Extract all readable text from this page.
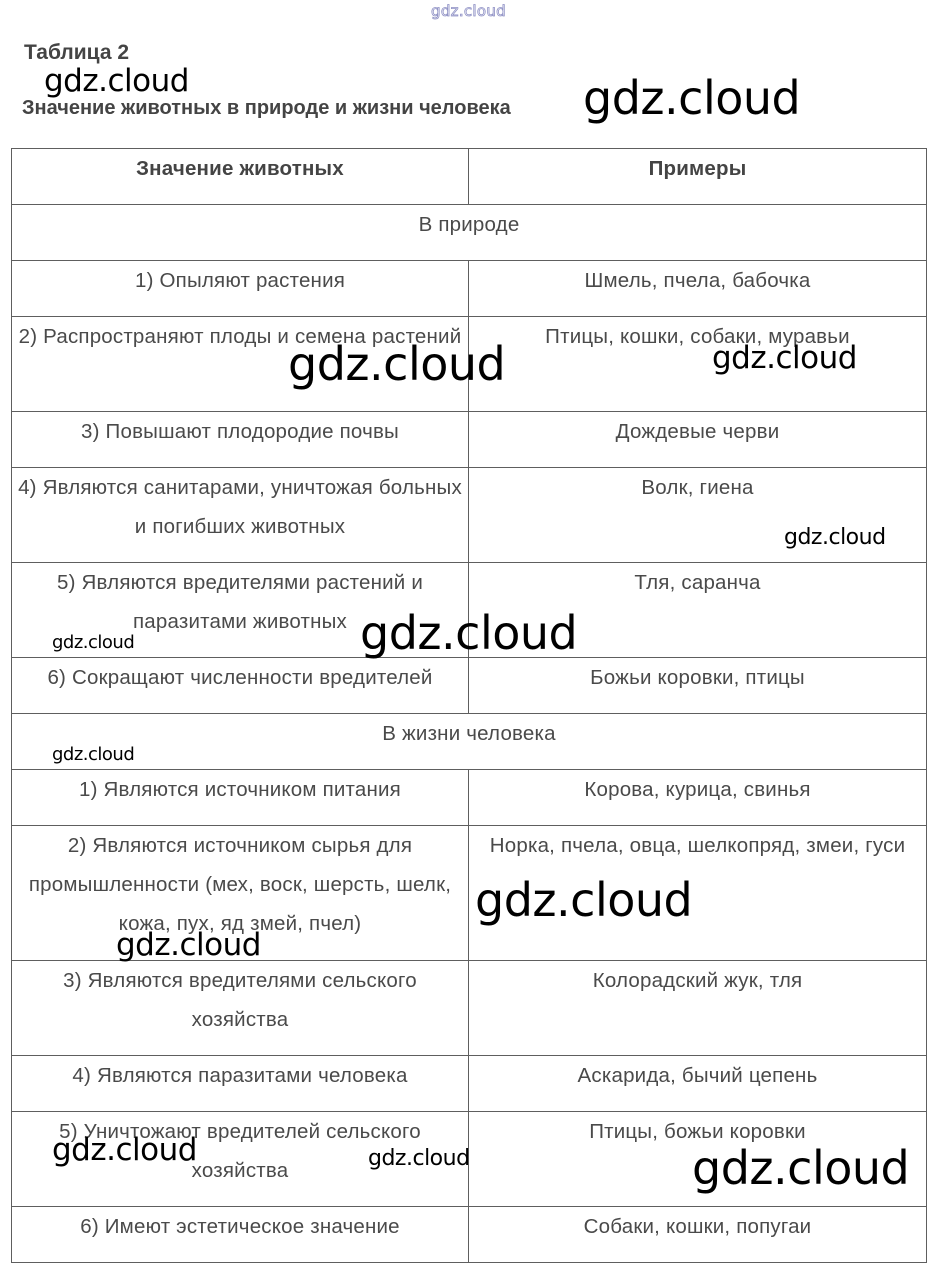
gdz.cloud
Таблица 2
Значение животных в природе и жизни человека
Значение животных	Примеры
В природе	
1) Опыляют растения	Шмель, пчела, бабочка
2) Распространяют плоды и семена растений	Птицы, кошки, собаки, муравьи
3) Повышают плодородие почвы	Дождевые черви
4) Являются санитарами, уничтожая больных и погибших животных	Волк, гиена
5) Являются вредителями растений и паразитами животных	Тля, саранча
6) Сокращают численности вредителей	Божьи коровки, птицы
В жизни человека	
1) Являются источником питания	Корова, курица, свинья
2) Являются источником сырья для промышленности (мех, воск, шерсть, шелк, кожа, пух, яд змей, пчел)	Норка, пчела, овца, шелкопряд, змеи, гуси
3) Являются вредителями сельского хозяйства	Колорадский жук, тля
4) Являются паразитами человека	Аскарида, бычий цепень
5) Уничтожают вредителей сельского хозяйства	Птицы, божьи коровки
6) Имеют эстетическое значение	Собаки, кошки, попугаи
gdz.cloud	gdz.cloud
gdz.cloud	gdz.cloud
gdz.cloud
gdz.cloud
gdz.cloud
gdz.cloud
gdz.cloud
gdz.cloud
gdz.cloud	gdz.cloud	gdz.cloud
